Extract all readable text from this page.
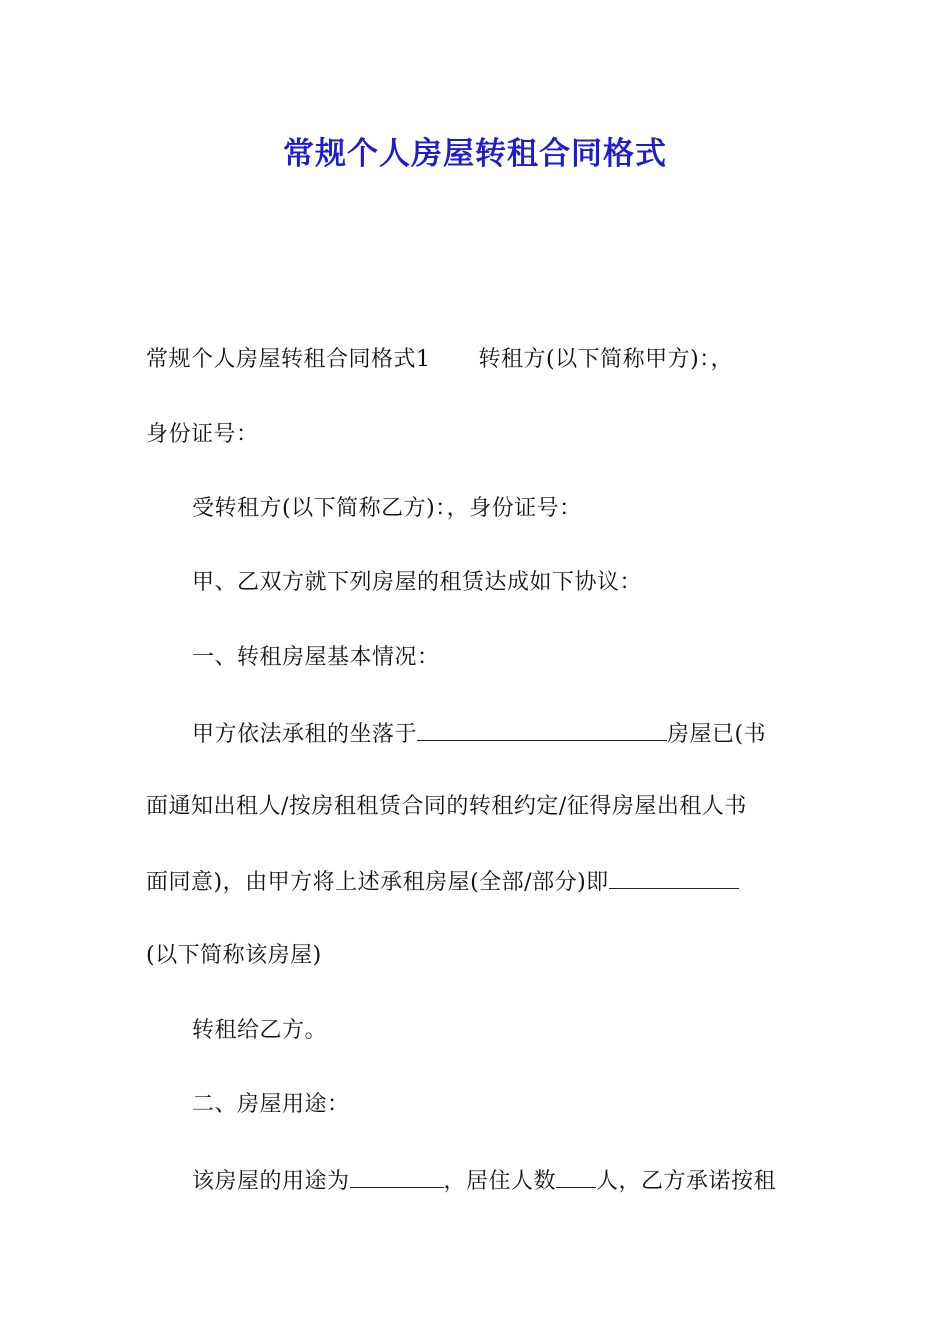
常规个人房屋转租合同格式
常规个人房屋转租合同格式1 转租方(以下简称甲方)：，
身份证号：
受转租方(以下简称乙方)：，身份证号：
甲、乙双方就下列房屋的租赁达成如下协议：
一、转租房屋基本情况：
甲方依法承租的坐落于	房屋已(书
面通知出租人/按房租租赁合同的转租约定/征得房屋出租人书
面同意)，由甲方将上述承租房屋(全部/部分)即
(以下简称该房屋)
转租给乙方。
二、房屋用途：
该房屋的用途为	，居住人数 人，乙方承诺按租
